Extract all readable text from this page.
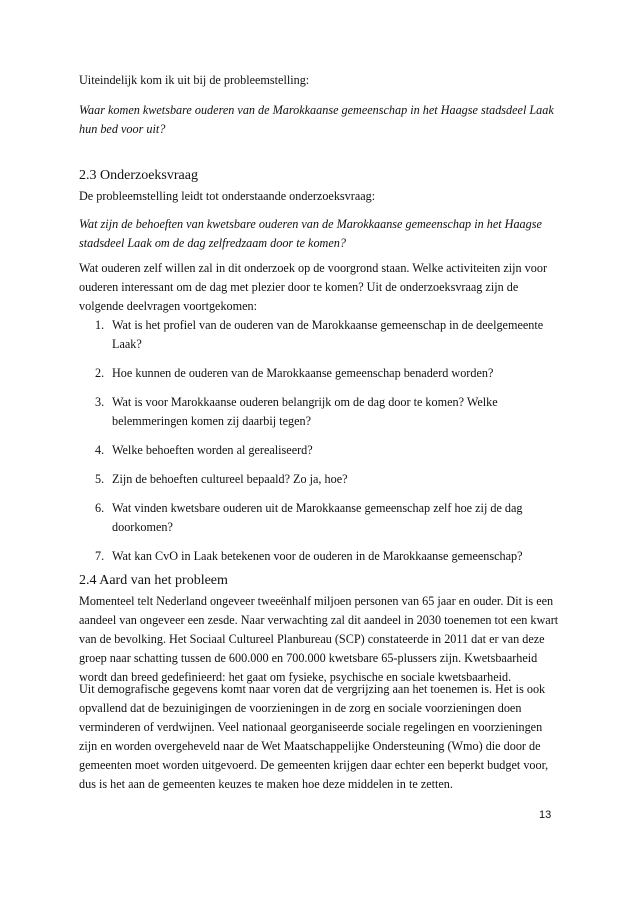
Uiteindelijk kom ik uit bij de probleemstelling:

Waar komen kwetsbare ouderen van de Marokkaanse gemeenschap in het Haagse stadsdeel Laak hun bed voor uit?

2.3 Onderzoeksvraag

De probleemstelling leidt tot onderstaande onderzoeksvraag:

Wat zijn de behoeften van kwetsbare ouderen van de Marokkaanse gemeenschap in het Haagse stadsdeel Laak om de dag zelfredzaam door te komen?

Wat ouderen zelf willen zal in dit onderzoek op de voorgrond staan. Welke activiteiten zijn voor ouderen interessant om de dag met plezier door te komen? Uit de onderzoeksvraag zijn de volgende deelvragen voortgekomen:

1. Wat is het profiel van de ouderen van de Marokkaanse gemeenschap in de deelgemeente Laak?
2. Hoe kunnen de ouderen van de Marokkaanse gemeenschap benaderd worden?
3. Wat is voor Marokkaanse ouderen belangrijk om de dag door te komen? Welke belemmeringen komen zij daarbij tegen?
4. Welke behoeften worden al gerealiseerd?
5. Zijn de behoeften cultureel bepaald? Zo ja, hoe?
6. Wat vinden kwetsbare ouderen uit de Marokkaanse gemeenschap zelf hoe zij de dag doorkomen?
7. Wat kan CvO in Laak betekenen voor de ouderen in de Marokkaanse gemeenschap?
2.4 Aard van het probleem

Momenteel telt Nederland ongeveer tweeënhalf miljoen personen van 65 jaar en ouder. Dit is een aandeel van ongeveer een zesde. Naar verwachting zal dit aandeel in 2030 toenemen tot een kwart van de bevolking. Het Sociaal Cultureel Planbureau (SCP) constateerde in 2011 dat er van deze groep naar schatting tussen de 600.000 en 700.000 kwetsbare 65-plussers zijn. Kwetsbaarheid wordt dan breed gedefinieerd: het gaat om fysieke, psychische en sociale kwetsbaarheid.

Uit demografische gegevens komt naar voren dat de vergrijzing aan het toenemen is. Het is ook opvallend dat de bezuinigingen de voorzieningen in de zorg en sociale voorzieningen doen verminderen of verdwijnen. Veel nationaal georganiseerde sociale regelingen en voorzieningen zijn en worden overgeheveld naar de Wet Maatschappelijke Ondersteuning (Wmo) die door de gemeenten moet worden uitgevoerd. De gemeenten krijgen daar echter een beperkt budget voor, dus is het aan de gemeenten keuzes te maken hoe deze middelen in te zetten.

13
